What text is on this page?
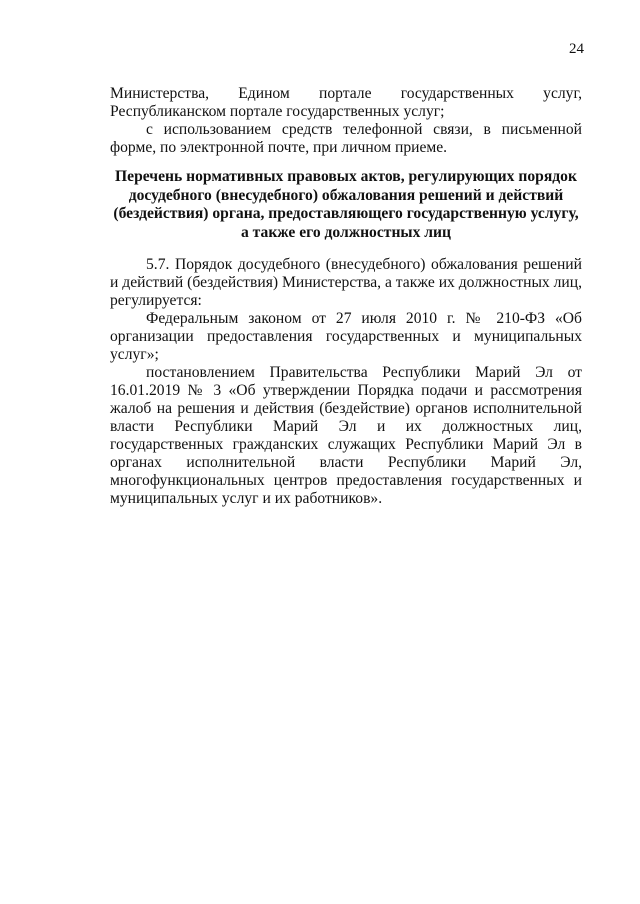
24

Министерства, Едином портале государственных услуг, Республиканском портале государственных услуг;

с использованием средств телефонной связи, в письменной форме, по электронной почте, при личном приеме.

Перечень нормативных правовых актов, регулирующих порядок досудебного (внесудебного) обжалования решений и действий (бездействия) органа, предоставляющего государственную услугу, а также его должностных лиц

5.7. Порядок досудебного (внесудебного) обжалования решений и действий (бездействия) Министерства, а также их должностных лиц, регулируется:

Федеральным законом от 27 июля 2010 г. № 210-ФЗ «Об организации предоставления государственных и муниципальных услуг»;

постановлением Правительства Республики Марий Эл от 16.01.2019 № 3 «Об утверждении Порядка подачи и рассмотрения жалоб на решения и действия (бездействие) органов исполнительной власти Республики Марий Эл и их должностных лиц, государственных гражданских служащих Республики Марий Эл в органах исполнительной власти Республики Марий Эл, многофункциональных центров предоставления государственных и муниципальных услуг и их работников».
